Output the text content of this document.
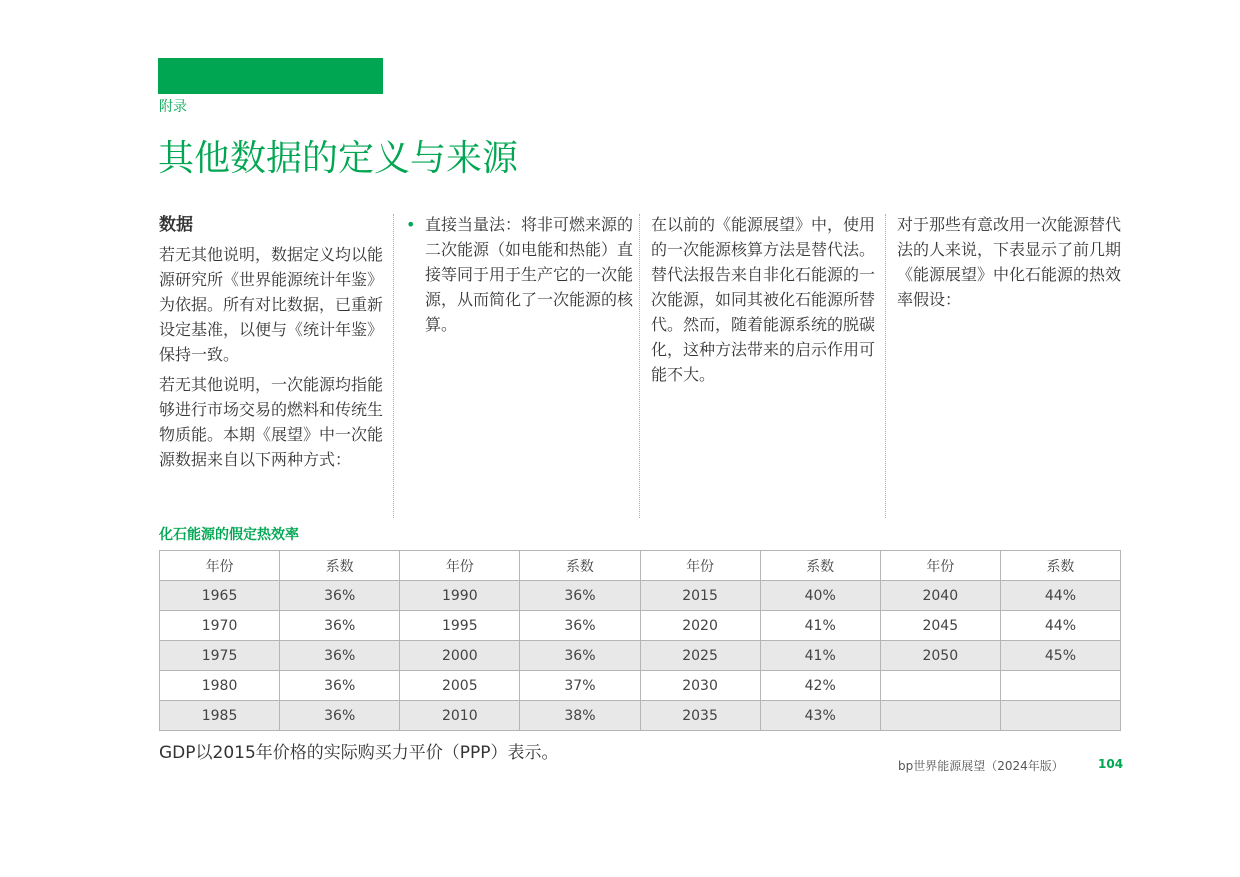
附录
其他数据的定义与来源
数据

若无其他说明，数据定义均以能源研究所《世界能源统计年鉴》为依据。所有对比数据，已重新设定基准，以便与《统计年鉴》保持一致。

若无其他说明，一次能源均指能够进行市场交易的燃料和传统生物质能。本期《展望》中一次能源数据来自以下两种方式：

• 直接当量法：将非可燃来源的二次能源（如电能和热能）直接等同于用于生产它的一次能源，从而简化了一次能源的核算。

在以前的《能源展望》中，使用的一次能源核算方法是替代法。替代法报告来自非化石能源的一次能源，如同其被化石能源所替代。然而，随着能源系统的脱碳化，这种方法带来的启示作用可能不大。

对于那些有意改用一次能源替代法的人来说，下表显示了前几期《能源展望》中化石能源的热效率假设：

化石能源的假定热效率
年份	系数	年份	系数	年份	系数	年份	系数
1965	36%	1990	36%	2015	40%	2040	44%
1970	36%	1995	36%	2020	41%	2045	44%
1975	36%	2000	36%	2025	41%	2050	45%
1980	36%	2005	37%	2030	42%		
1985	36%	2010	38%	2035	43%		
GDP以2015年价格的实际购买力平价（PPP）表示。
bp世界能源展望（2024年版）	104
